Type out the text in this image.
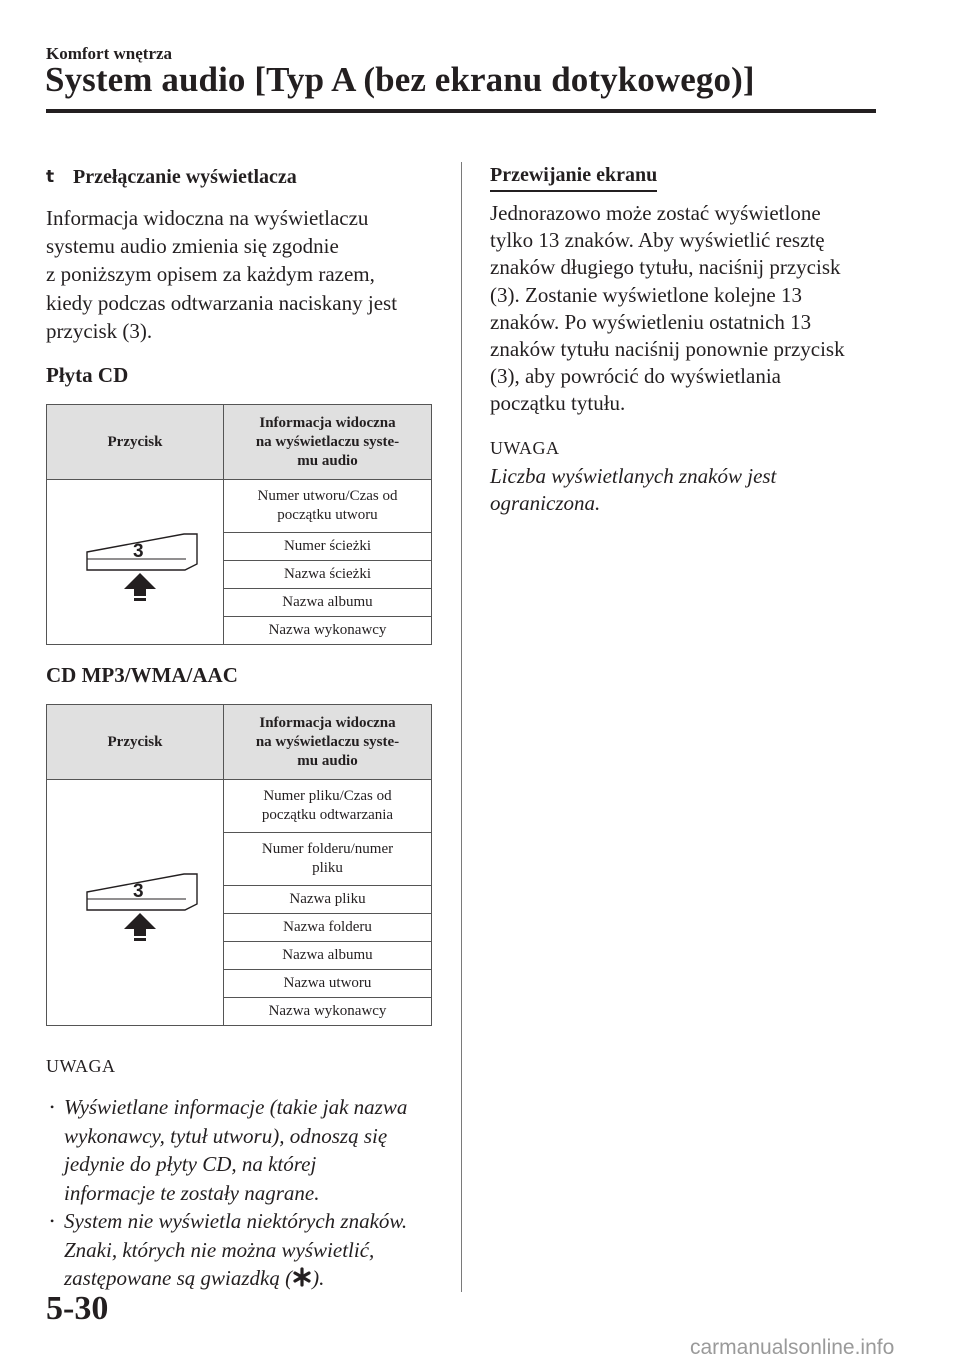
Komfort wnętrza
System audio [Typ A (bez ekranu dotykowego)]
t Przełączanie wyświetlacza

Informacja widoczna na wyświetlaczu
systemu audio zmienia się zgodnie
z poniższym opisem za każdym razem,
kiedy podczas odtwarzania naciskany jest
przycisk (3).

Płyta CD

Przycisk	Informacja widoczna
na wyświetlaczu syste-
mu audio

3	Numer utworu/Czas od
początku utworu
	Numer ścieżki
	Nazwa ścieżki
	Nazwa albumu
	Nazwa wykonawcy

CD MP3/WMA/AAC

Przycisk	Informacja widoczna
na wyświetlaczu syste-
mu audio

3	Numer pliku/Czas od
początku odtwarzania
	Numer folderu/numer
pliku
	Nazwa pliku
	Nazwa folderu
	Nazwa albumu
	Nazwa utworu
	Nazwa wykonawcy

UWAGA

• Wyświetlane informacje (takie jak nazwa
wykonawcy, tytuł utworu), odnoszą się
jedynie do płyty CD, na której
informacje te zostały nagrane.
• System nie wyświetla niektórych znaków.
Znaki, których nie można wyświetlić,
zastępowane są gwiazdką ( ).
Przewijanie ekranu

Jednorazowo może zostać wyświetlone
tylko 13 znaków. Aby wyświetlić resztę
znaków długiego tytułu, naciśnij przycisk
(3). Zostanie wyświetlone kolejne 13
znaków. Po wyświetleniu ostatnich 13
znaków tytułu naciśnij ponownie przycisk
(3), aby powrócić do wyświetlania
początku tytułu.

UWAGA

Liczba wyświetlanych znaków jest
ograniczona.

5-30
carmanualsonline.info
